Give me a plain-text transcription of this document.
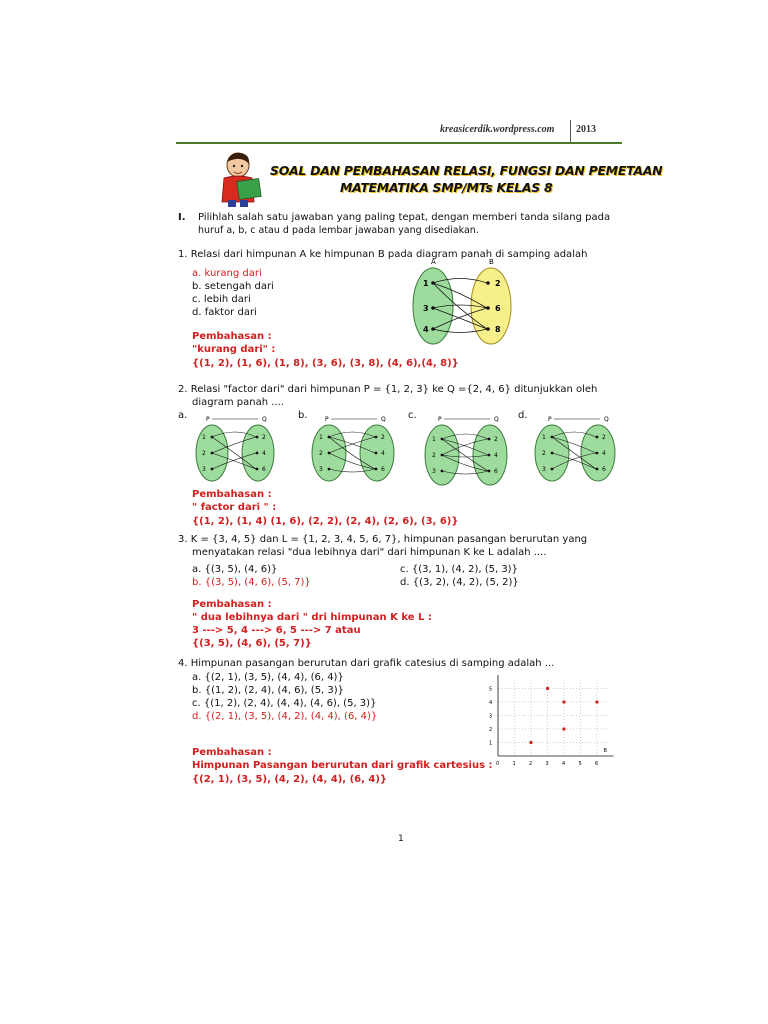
kreasicerdik.wordpress.com 2013
SOAL DAN PEMBAHASAN RELASI, FUNGSI DAN PEMETAAN
MATEMATIKA SMP/MTs KELAS 8
I. Pilihlah salah satu jawaban yang paling tepat, dengan memberi tanda silang pada
huruf a, b, c atau d pada lembar jawaban yang disediakan.
1. Relasi dari himpunan A ke himpunan B pada diagram panah di samping adalah
a. kurang dari
b. setengah dari
c. lebih dari
d. faktor dari
A	B
1
3
4
2
6
8
Pembahasan :
"kurang dari" :
{(1, 2), (1, 6), (1, 8), (3, 6), (3, 8), (4, 6),(4, 8)}
2. Relasi "factor dari" dari himpunan P = {1, 2, 3} ke Q ={2, 4, 6} ditunjukkan oleh
diagram panah ....
a.	b.	c.	d.
P	Q
1
2
3
2
4
6
P	Q
1
2
3
2
4
6
P	Q
1
2
3
2
4
6
P	Q
1
2
3
2
4
6
Pembahasan :
" factor dari " :
{(1, 2), (1, 4) (1, 6), (2, 2), (2, 4), (2, 6), (3, 6)}
3. K = {3, 4, 5} dan L = {1, 2, 3, 4, 5, 6, 7}, himpunan pasangan berurutan yang
menyatakan relasi "dua lebihnya dari" dari himpunan K ke L adalah ....
a. {(3, 5), (4, 6)}
b. {(3, 5), (4, 6), (5, 7)}
c. {(3, 1), (4, 2), (5, 3)}
d. {(3, 2), (4, 2), (5, 2)}
Pembahasan :
" dua lebihnya dari " dri himpunan K ke L :
3 ---> 5, 4 ---> 6, 5 ---> 7 atau
{(3, 5), (4, 6), (5, 7)}
4. Himpunan pasangan berurutan dari grafik catesius di samping adalah ...
a. {(2, 1), (3, 5), (4, 4), (6, 4)}
b. {(1, 2), (2, 4), (4, 6), (5, 3)}
c. {(1, 2), (2, 4), (4, 4), (4, 6), (5, 3)}
d. {(2, 1), (3, 5), (4, 2), (4, 4), (6, 4)}
0	1	2	3	4	5	6
1
2
3
4
5
B
Pembahasan :
Himpunan Pasangan berurutan dari grafik cartesius :
{(2, 1), (3, 5), (4, 2), (4, 4), (6, 4)}
1
